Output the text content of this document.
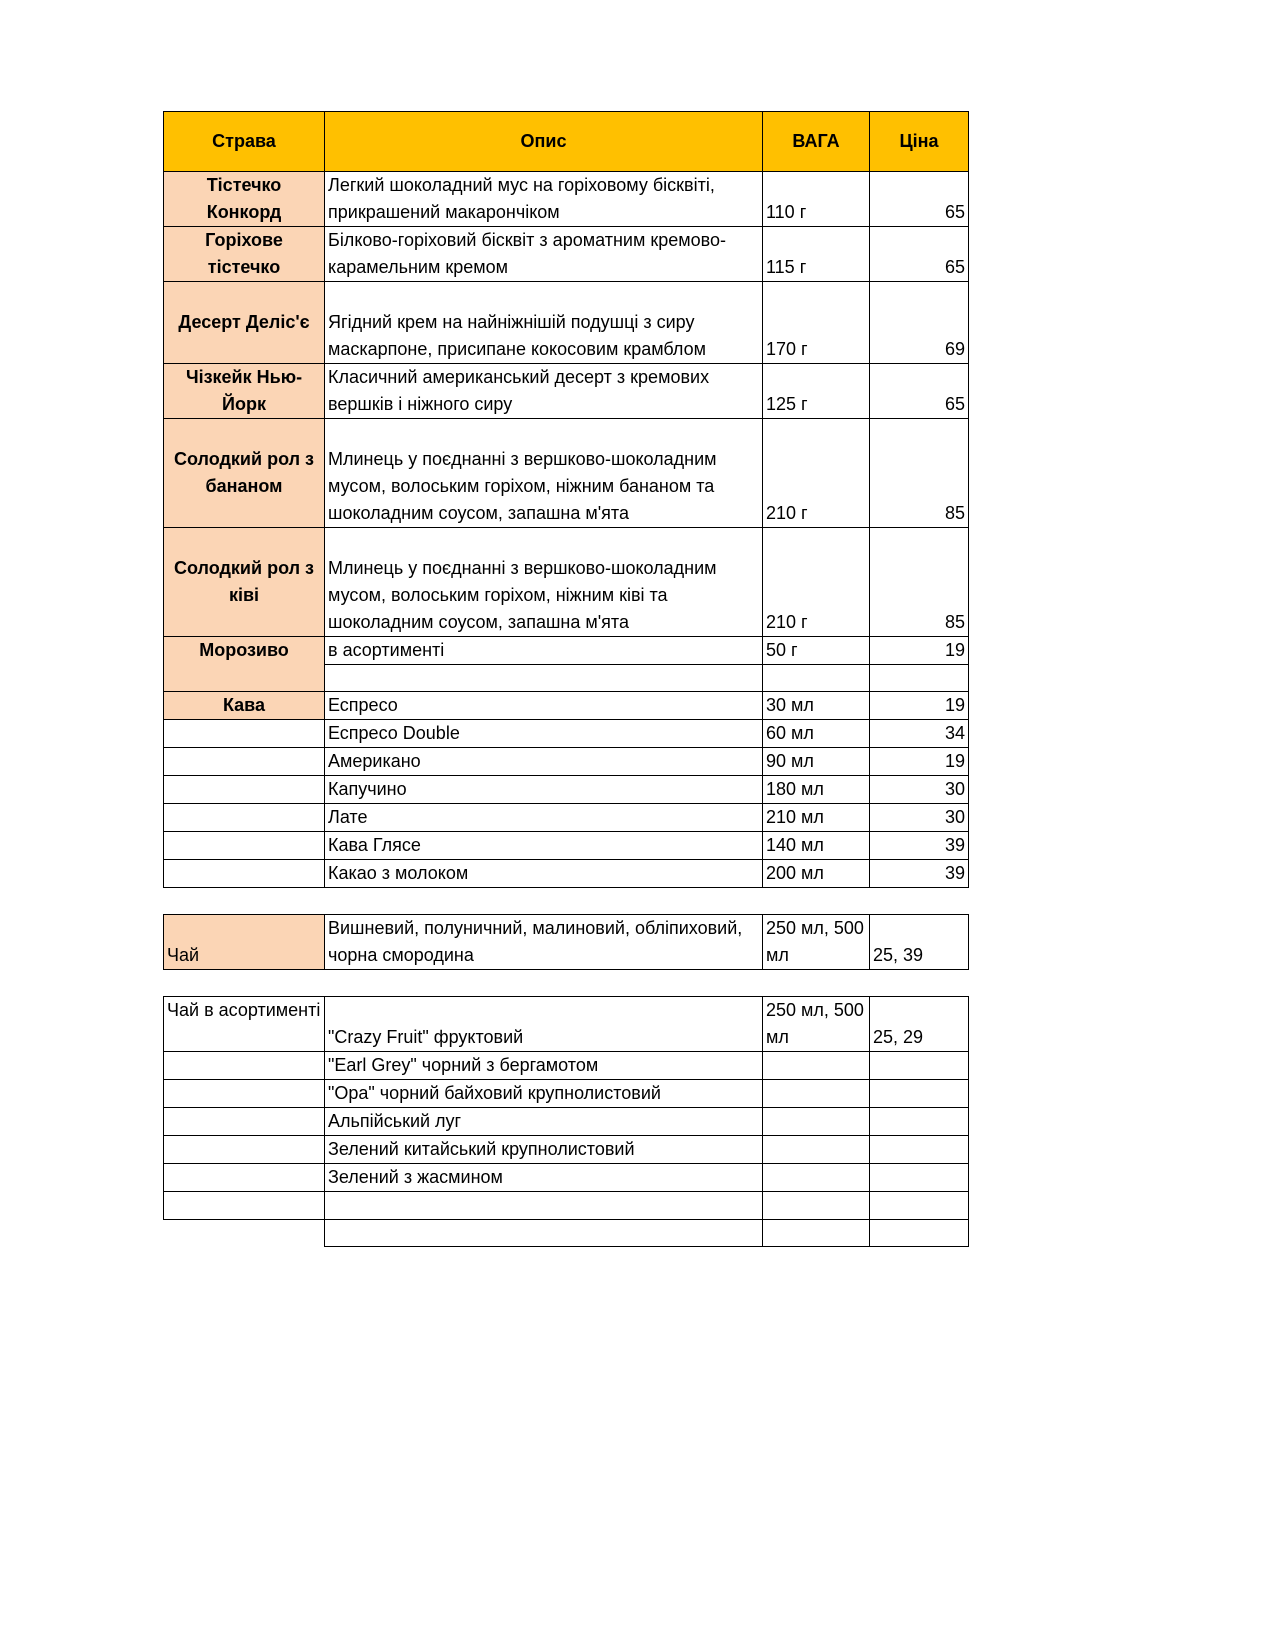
Страва	Опис	ВАГА	Ціна
Тістечко Конкорд	Легкий шоколадний мус на горіховому бісквіті, прикрашений макарончіком	110 г	65
Горіхове тістечко	Білково-горіховий бісквіт з ароматним кремово-карамельним кремом	115 г	65
Десерт Деліс'є	Ягідний крем на найніжнішій подушці з сиру маскарпоне, присипане кокосовим крамблом	170 г	69
Чізкейк Нью-Йорк	Класичний американський десерт з кремових вершків і ніжного сиру	125 г	65
Солодкий рол з бананом	Млинець у поєднанні з вершково-шоколадним мусом, волоським горіхом, ніжним бананом та шоколадним соусом, запашна м'ята	210 г	85
Солодкий рол з ківі	Млинець у поєднанні з вершково-шоколадним мусом, волоським горіхом, ніжним ківі та шоколадним соусом, запашна м'ята	210 г	85
Морозиво	в асортименті	50 г	19

Кава	Еспресо	30 мл	19
	Еспресо Double	60 мл	34
	Американо	90 мл	19
	Капучино	180 мл	30
	Лате	210 мл	30
	Кава Глясе	140 мл	39
	Какао з молоком	200 мл	39

Чай	Вишневий, полуничний, малиновий, обліпиховий, чорна смородина	250 мл, 500 мл	25, 39

Чай в асортименті	"Crazy Fruit" фруктовий	250 мл, 500 мл	25, 29
	"Earl Grey" чорний з бергамотом		
	"Ора" чорний байховий крупнолистовий		
	Альпійський луг		
	Зелений китайський крупнолистовий		
	Зелений з жасмином		
